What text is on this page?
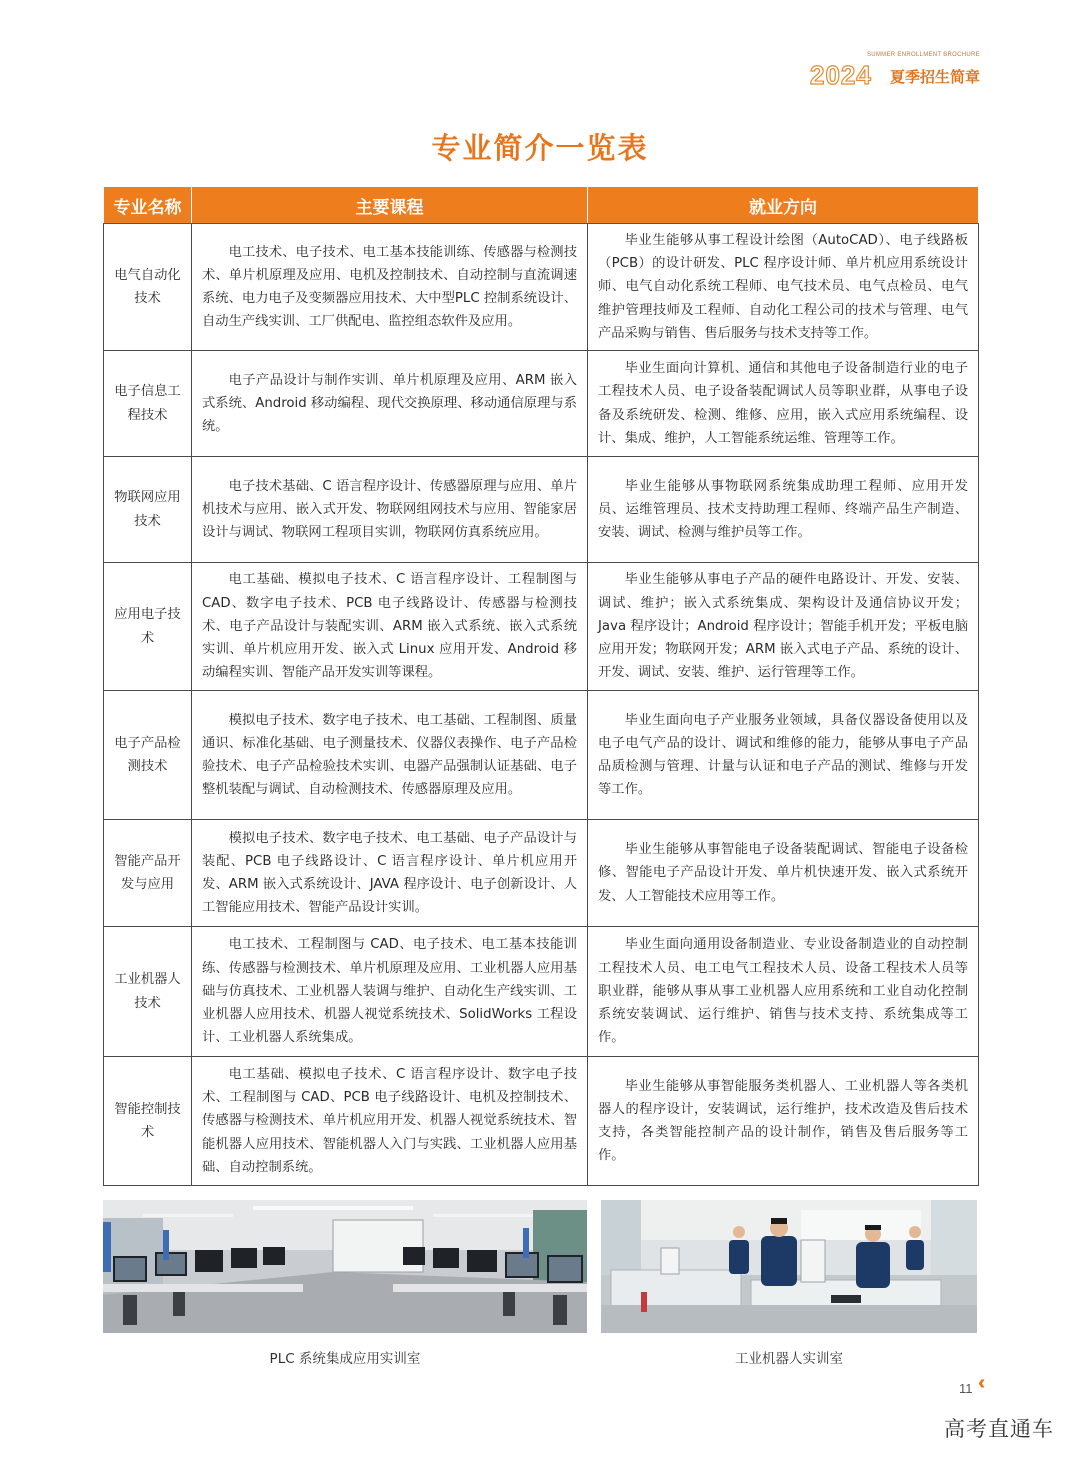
SUMMER ENROLLMENT BROCHURE
2024 夏季招生简章
专业简介一览表
专业名称	主要课程	就业方向
电气自动化技术	电工技术、电子技术、电工基本技能训练、传感器与检测技术、单片机原理及应用、电机及控制技术、自动控制与直流调速系统、电力电子及变频器应用技术、大中型PLC 控制系统设计、自动生产线实训、工厂供配电、监控组态软件及应用。	毕业生能够从事工程设计绘图（AutoCAD）、电子线路板（PCB）的设计研发、PLC 程序设计师、单片机应用系统设计师、电气自动化系统工程师、电气技术员、电气点检员、电气维护管理技师及工程师、自动化工程公司的技术与管理、电气产品采购与销售、售后服务与技术支持等工作。
电子信息工程技术	电子产品设计与制作实训、单片机原理及应用、ARM 嵌入式系统、Android 移动编程、现代交换原理、移动通信原理与系统。	毕业生面向计算机、通信和其他电子设备制造行业的电子工程技术人员、电子设备装配调试人员等职业群，从事电子设备及系统研发、检测、维修、应用，嵌入式应用系统编程、设计、集成、维护，人工智能系统运维、管理等工作。
物联网应用技术	电子技术基础、C 语言程序设计、传感器原理与应用、单片机技术与应用、嵌入式开发、物联网组网技术与应用、智能家居设计与调试、物联网工程项目实训，物联网仿真系统应用。	毕业生能够从事物联网系统集成助理工程师、应用开发员、运维管理员、技术支持助理工程师、终端产品生产制造、安装、调试、检测与维护员等工作。
应用电子技术	电工基础、模拟电子技术、C 语言程序设计、工程制图与 CAD、数字电子技术、PCB 电子线路设计、传感器与检测技术、电子产品设计与装配实训、ARM 嵌入式系统、嵌入式系统实训、单片机应用开发、嵌入式 Linux 应用开发、Android 移动编程实训、智能产品开发实训等课程。	毕业生能够从事电子产品的硬件电路设计、开发、安装、调试、维护；嵌入式系统集成、架构设计及通信协议开发；Java 程序设计；Android 程序设计；智能手机开发；平板电脑应用开发；物联网开发；ARM 嵌入式电子产品、系统的设计、开发、调试、安装、维护、运行管理等工作。
电子产品检测技术	模拟电子技术、数字电子技术、电工基础、工程制图、质量通识、标准化基础、电子测量技术、仪器仪表操作、电子产品检验技术、电子产品检验技术实训、电器产品强制认证基础、电子整机装配与调试、自动检测技术、传感器原理及应用。	毕业生面向电子产业服务业领域，具备仪器设备使用以及电子电气产品的设计、调试和维修的能力，能够从事电子产品品质检测与管理、计量与认证和电子产品的测试、维修与开发等工作。
智能产品开发与应用	模拟电子技术、数字电子技术、电工基础、电子产品设计与装配、PCB 电子线路设计、C 语言程序设计、单片机应用开发、ARM 嵌入式系统设计、JAVA 程序设计、电子创新设计、人工智能应用技术、智能产品设计实训。	毕业生能够从事智能电子设备装配调试、智能电子设备检修、智能电子产品设计开发、单片机快速开发、嵌入式系统开发、人工智能技术应用等工作。
工业机器人技术	电工技术、工程制图与 CAD、电子技术、电工基本技能训练、传感器与检测技术、单片机原理及应用、工业机器人应用基础与仿真技术、工业机器人装调与维护、自动化生产线实训、工业机器人应用技术、机器人视觉系统技术、SolidWorks 工程设计、工业机器人系统集成。	毕业生面向通用设备制造业、专业设备制造业的自动控制工程技术人员、电工电气工程技术人员、设备工程技术人员等职业群，能够从事从事工业机器人应用系统和工业自动化控制系统安装调试、运行维护、销售与技术支持、系统集成等工作。
智能控制技术	电工基础、模拟电子技术、C 语言程序设计、数字电子技术、工程制图与 CAD、PCB 电子线路设计、电机及控制技术、传感器与检测技术、单片机应用开发、机器人视觉系统技术、智能机器人应用技术、智能机器人入门与实践、工业机器人应用基础、自动控制系统。	毕业生能够从事智能服务类机器人、工业机器人等各类机器人的程序设计，安装调试，运行维护，技术改造及售后技术支持，各类智能控制产品的设计制作，销售及售后服务等工作。
PLC 系统集成应用实训室	工业机器人实训室
11 ‹‹
高考直通车
